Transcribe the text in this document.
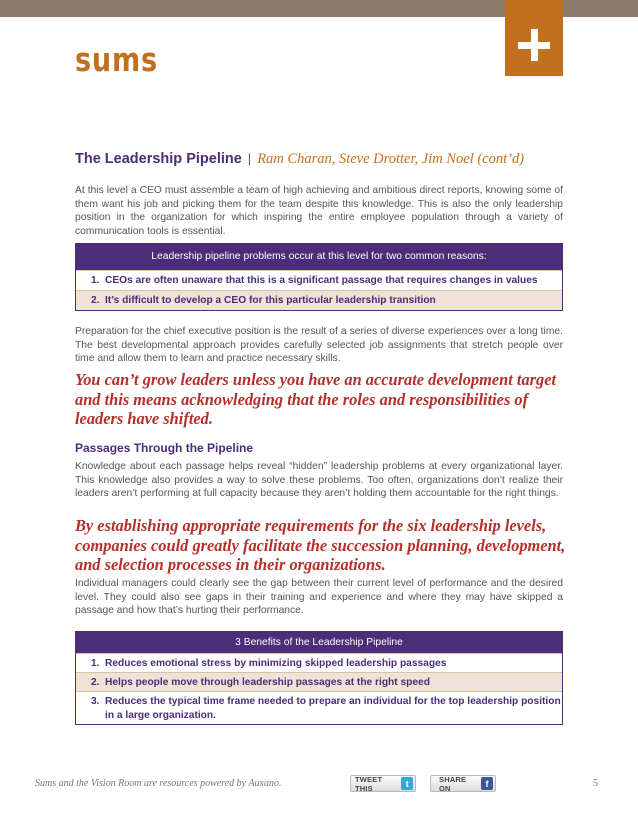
sums
The Leadership Pipeline | Ram Charan, Steve Drotter, Jim Noel (cont’d)

At this level a CEO must assemble a team of high achieving and ambitious direct reports, knowing some of them want his job and picking them for the team despite this knowledge. This is also the only leadership position in the organization for which inspiring the entire employee population through a variety of communication tools is essential.

Leadership pipeline problems occur at this level for two common reasons:
1. CEOs are often unaware that this is a significant passage that requires changes in values
2. It’s difficult to develop a CEO for this particular leadership transition

Preparation for the chief executive position is the result of a series of diverse experiences over a long time. The best developmental approach provides carefully selected job assignments that stretch people over time and allow them to learn and practice necessary skills.

You can’t grow leaders unless you have an accurate development target and this means acknowledging that the roles and responsibilities of leaders have shifted.

Passages Through the Pipeline

Knowledge about each passage helps reveal “hidden” leadership problems at every organizational layer. This knowledge also provides a way to solve these problems. Too often, organizations don’t realize their leaders aren’t performing at full capacity because they aren’t holding them accountable for the right things.

By establishing appropriate requirements for the six leadership levels, companies could greatly facilitate the succession planning, development, and selection processes in their organizations.

Individual managers could clearly see the gap between their current level of performance and the desired level. They could also see gaps in their training and experience and where they may have skipped a passage and how that’s hurting their performance.

3 Benefits of the Leadership Pipeline
1. Reduces emotional stress by minimizing skipped leadership passages
2. Helps people move through leadership passages at the right speed
3. Reduces the typical time frame needed to prepare an individual for the top leadership position in a large organization.
Sums and the Vision Room are resources powered by Auxano.	TWEET THIS	t	SHARE ON	f	5
